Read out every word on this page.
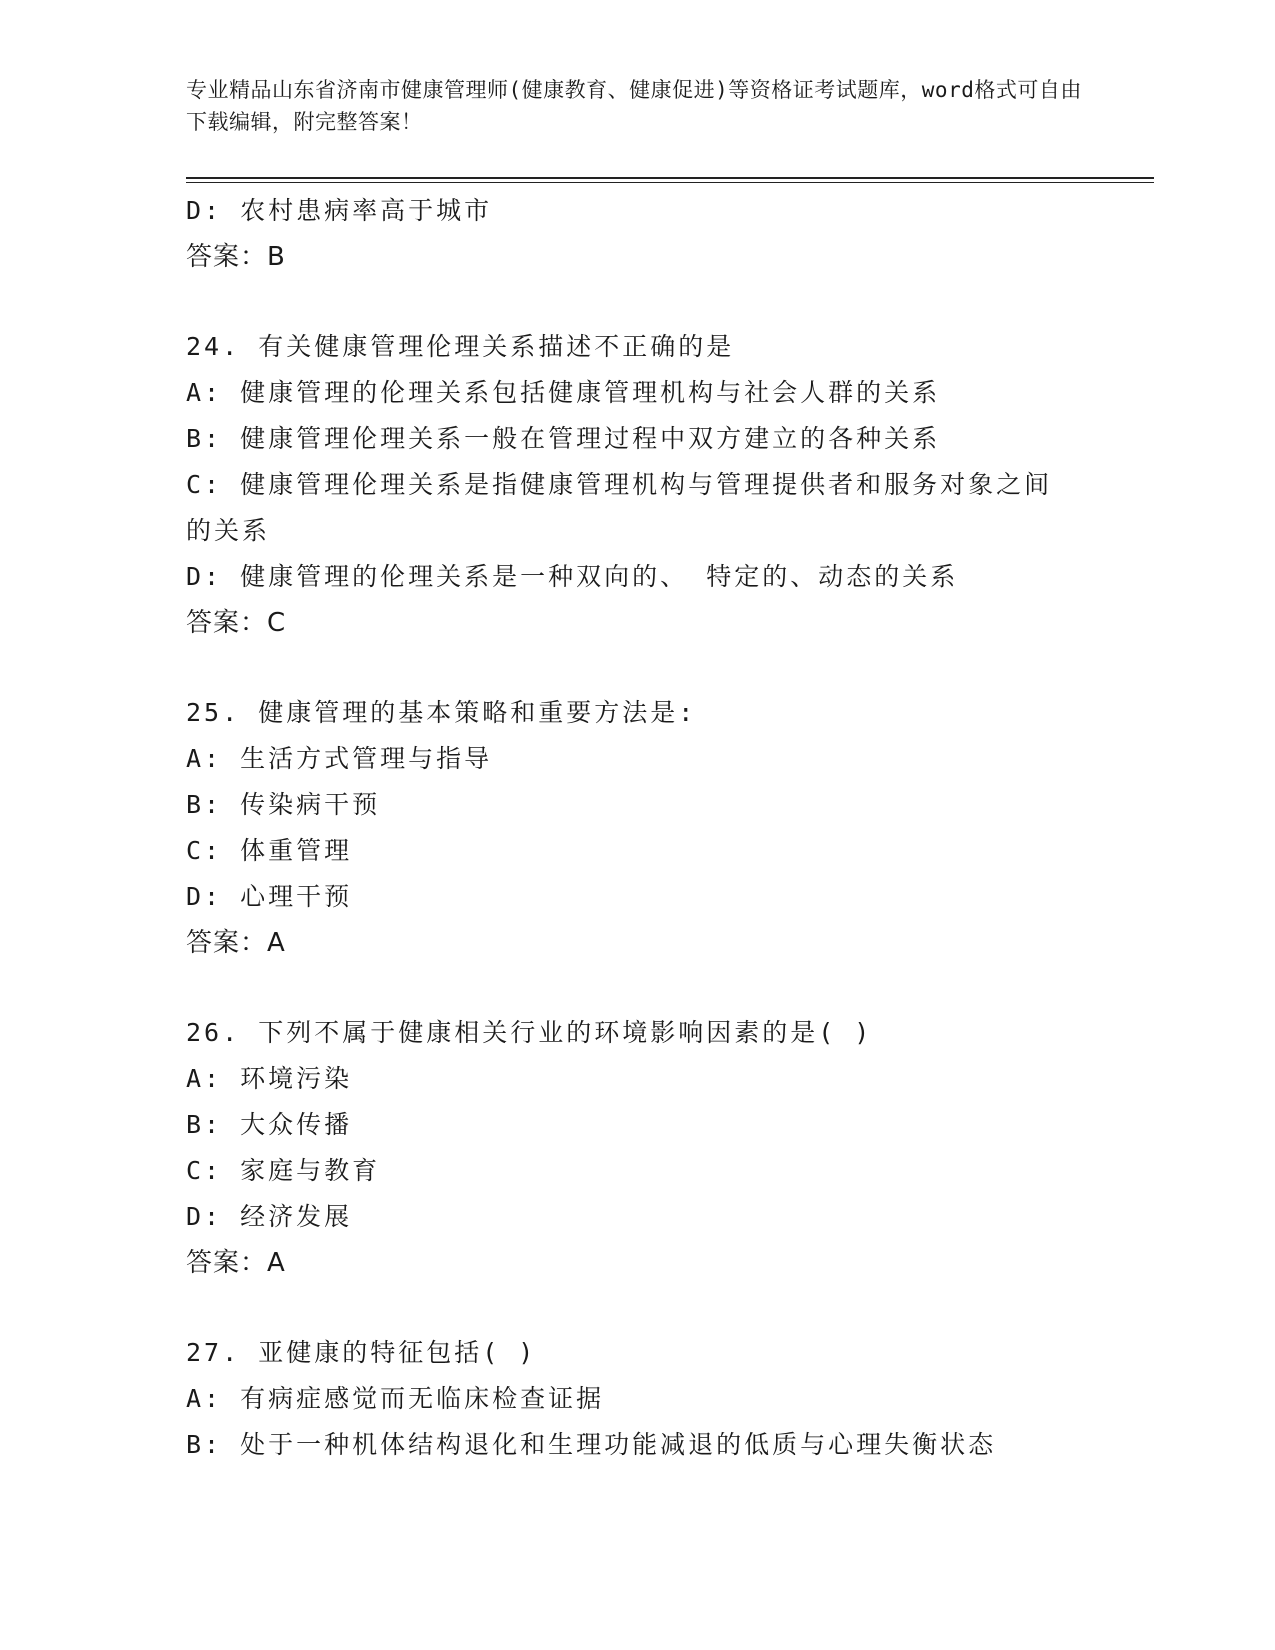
专业精品山东省济南市健康管理师(健康教育、健康促进)等资格证考试题库，word格式可自由下载编辑，附完整答案！
D: 农村患病率高于城市
答案：B
24. 有关健康管理伦理关系描述不正确的是
A: 健康管理的伦理关系包括健康管理机构与社会人群的关系
B: 健康管理伦理关系一般在管理过程中双方建立的各种关系
C: 健康管理伦理关系是指健康管理机构与管理提供者和服务对象之间的关系
D: 健康管理的伦理关系是一种双向的、 特定的、动态的关系
答案：C
25. 健康管理的基本策略和重要方法是:
A: 生活方式管理与指导
B: 传染病干预
C: 体重管理
D: 心理干预
答案：A
26. 下列不属于健康相关行业的环境影响因素的是( )
A: 环境污染
B: 大众传播
C: 家庭与教育
D: 经济发展
答案：A
27. 亚健康的特征包括( )
A: 有病症感觉而无临床检查证据
B: 处于一种机体结构退化和生理功能减退的低质与心理失衡状态
